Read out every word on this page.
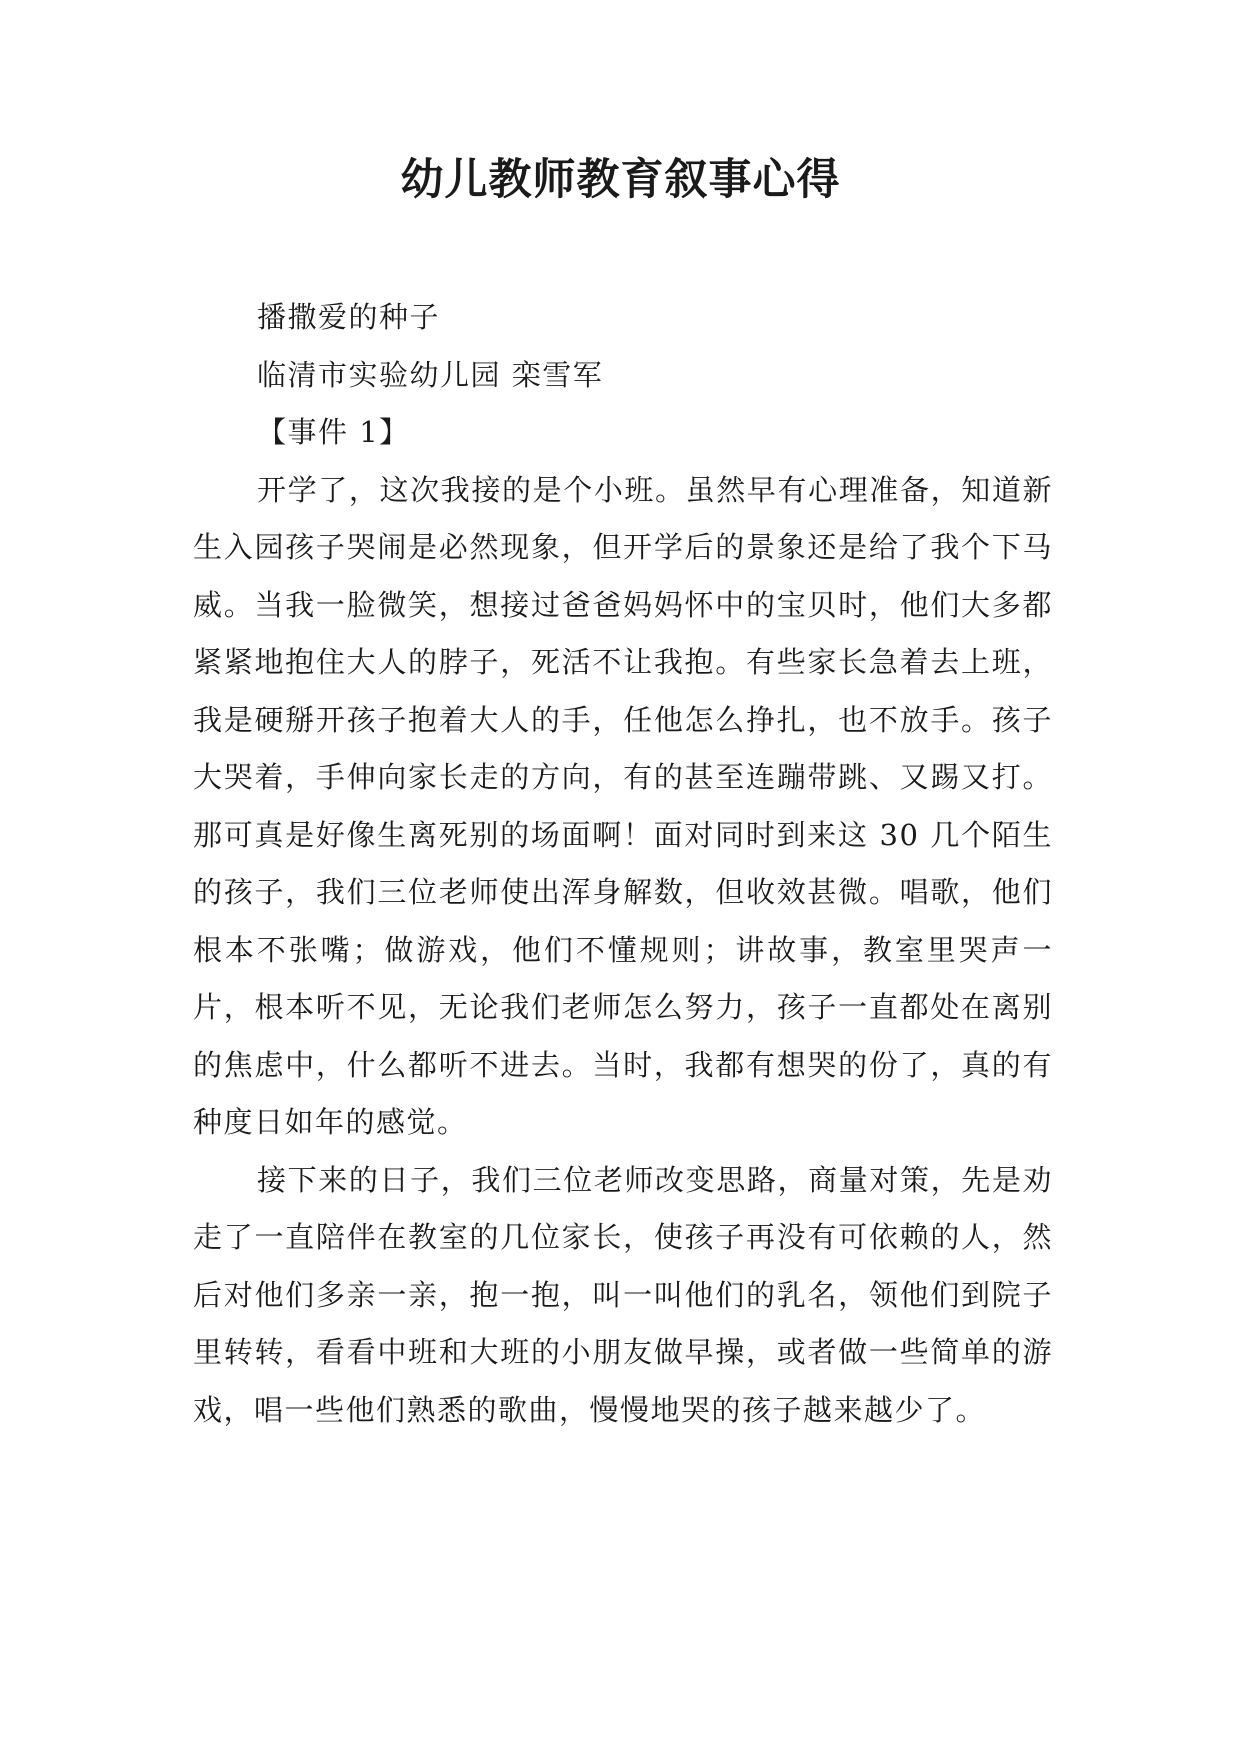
幼儿教师教育叙事心得

播撒爱的种子

临清市实验幼儿园 栾雪军

【事件 1】

开学了，这次我接的是个小班。虽然早有心理准备，知道新生入园孩子哭闹是必然现象，但开学后的景象还是给了我个下马威。当我一脸微笑，想接过爸爸妈妈怀中的宝贝时，他们大多都紧紧地抱住大人的脖子，死活不让我抱。有些家长急着去上班，我是硬掰开孩子抱着大人的手，任他怎么挣扎，也不放手。孩子大哭着，手伸向家长走的方向，有的甚至连蹦带跳、又踢又打。那可真是好像生离死别的场面啊！面对同时到来这 30 几个陌生的孩子，我们三位老师使出浑身解数，但收效甚微。唱歌，他们根本不张嘴；做游戏，他们不懂规则；讲故事，教室里哭声一片，根本听不见，无论我们老师怎么努力，孩子一直都处在离别的焦虑中，什么都听不进去。当时，我都有想哭的份了，真的有种度日如年的感觉。

接下来的日子，我们三位老师改变思路，商量对策，先是劝走了一直陪伴在教室的几位家长，使孩子再没有可依赖的人，然后对他们多亲一亲，抱一抱，叫一叫他们的乳名，领他们到院子里转转，看看中班和大班的小朋友做早操，或者做一些简单的游戏，唱一些他们熟悉的歌曲，慢慢地哭的孩子越来越少了。
